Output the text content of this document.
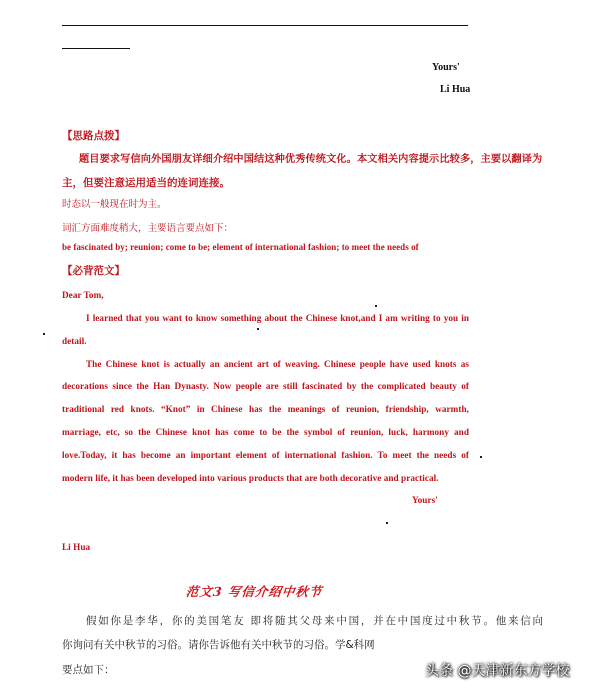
Yours'
Li Hua
【思路点拨】
题目要求写信向外国朋友详细介绍中国结这种优秀传统文化。本文相关内容提示比较多，主要以翻译为
主，但要注意运用适当的连词连接。
时态以一般现在时为主。
词汇方面难度稍大，主要语言要点如下：
be fascinated by; reunion; come to be; element of international fashion; to meet the needs of
【必背范文】
Dear Tom,
I learned that you want to know something about the Chinese knot,and I am writing to you in
detail.
The Chinese knot is actually an ancient art of weaving. Chinese people have used knots as
decorations since the Han Dynasty. Now people are still fascinated by the complicated beauty of
traditional red knots. “Knot” in Chinese has the meanings of reunion, friendship, warmth,
marriage, etc, so the Chinese knot has come to be the symbol of reunion, luck, harmony and
love.Today, it has become an important element of international fashion. To meet the needs of
modern life, it has been developed into various products that are both decorative and practical.
Yours'
Li Hua
范文3 写信介绍中秋节
假如你是李华，你的美国笔友 即将随其父母来中国，并在中国度过中秋节。他来信向
你询问有关中秋节的习俗。请你告诉他有关中秋节的习俗。学&科网
要点如下：	头条 @天津新东方学校
